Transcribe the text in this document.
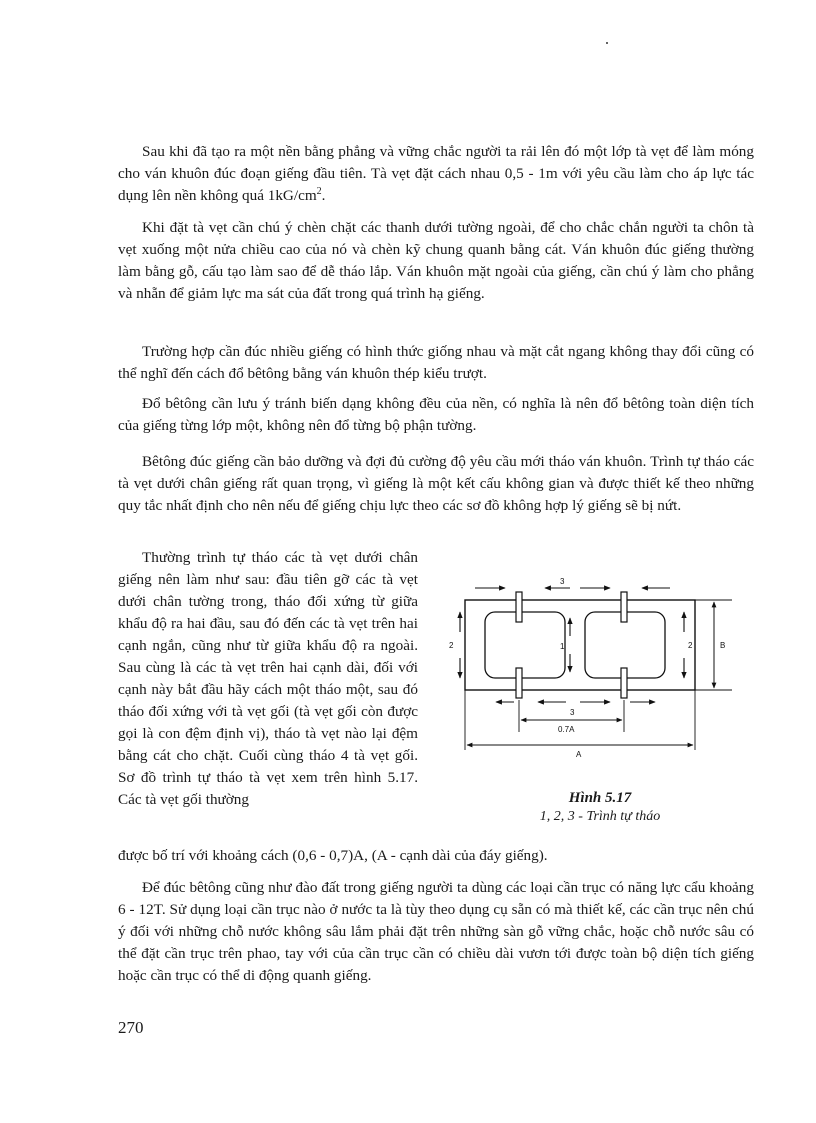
Sau khi đã tạo ra một nền bằng phẳng và vững chắc người ta rải lên đó một lớp tà vẹt để làm móng cho ván khuôn đúc đoạn giếng đầu tiên. Tà vẹt đặt cách nhau 0,5 - 1m với yêu cầu làm cho áp lực tác dụng lên nền không quá $1kG/cm^2$.

Khi đặt tà vẹt cần chú ý chèn chặt các thanh dưới tường ngoài, để cho chắc chắn người ta chôn tà vẹt xuống một nửa chiều cao của nó và chèn kỹ chung quanh bằng cát. Ván khuôn đúc giếng thường làm bằng gỗ, cấu tạo làm sao để dễ tháo lắp. Ván khuôn mặt ngoài của giếng, cần chú ý làm cho phẳng và nhẵn để giảm lực ma sát của đất trong quá trình hạ giếng.

Trường hợp cần đúc nhiều giếng có hình thức giống nhau và mặt cắt ngang không thay đổi cũng có thể nghĩ đến cách đổ bêtông bằng ván khuôn thép kiểu trượt.

Đổ bêtông cần lưu ý tránh biến dạng không đều của nền, có nghĩa là nên đổ bêtông toàn diện tích của giếng từng lớp một, không nên đổ từng bộ phận tường.

Bêtông đúc giếng cần bảo dưỡng và đợi đủ cường độ yêu cầu mới tháo ván khuôn. Trình tự tháo các tà vẹt dưới chân giếng rất quan trọng, vì giếng là một kết cấu không gian và được thiết kế theo những quy tắc nhất định cho nên nếu để giếng chịu lực theo các sơ đồ không hợp lý giếng sẽ bị nứt.

Thường trình tự tháo các tà vẹt dưới chân giếng nên làm như sau: đầu tiên gỡ các tà vẹt dưới chân tường trong, tháo đối xứng từ giữa khẩu độ ra hai đầu, sau đó đến các tà vẹt trên hai cạnh ngắn, cũng như từ giữa khẩu độ ra ngoài. Sau cùng là các tà vẹt trên hai cạnh dài, đối với cạnh này bắt đầu hãy cách một tháo một, sau đó tháo đối xứng với tà vẹt gối (tà vẹt gối còn được gọi là con đệm định vị), tháo tà vẹt nào lại đệm bằng cát cho chặt. Cuối cùng tháo 4 tà vẹt gối. Sơ đồ trình tự tháo tà vẹt xem trên hình 5.17. Các tà vẹt gối thường

3
2	1	2	B
3
0.7A
A
Hình 5.17
1, 2, 3 - Trình tự tháo

được bố trí với khoảng cách (0,6 - 0,7)A, (A - cạnh dài của đáy giếng).

Để đúc bêtông cũng như đào đất trong giếng người ta dùng các loại cần trục có năng lực cẩu khoảng 6 - 12T. Sử dụng loại cần trục nào ở nước ta là tùy theo dụng cụ sẵn có mà thiết kế, các cần trục nên chú ý đối với những chỗ nước không sâu lắm phải đặt trên những sàn gỗ vững chắc, hoặc chỗ nước sâu có thể đặt cần trục trên phao, tay với của cần trục cần có chiều dài vươn tới được toàn bộ diện tích giếng hoặc cần trục có thể di động quanh giếng.

270
